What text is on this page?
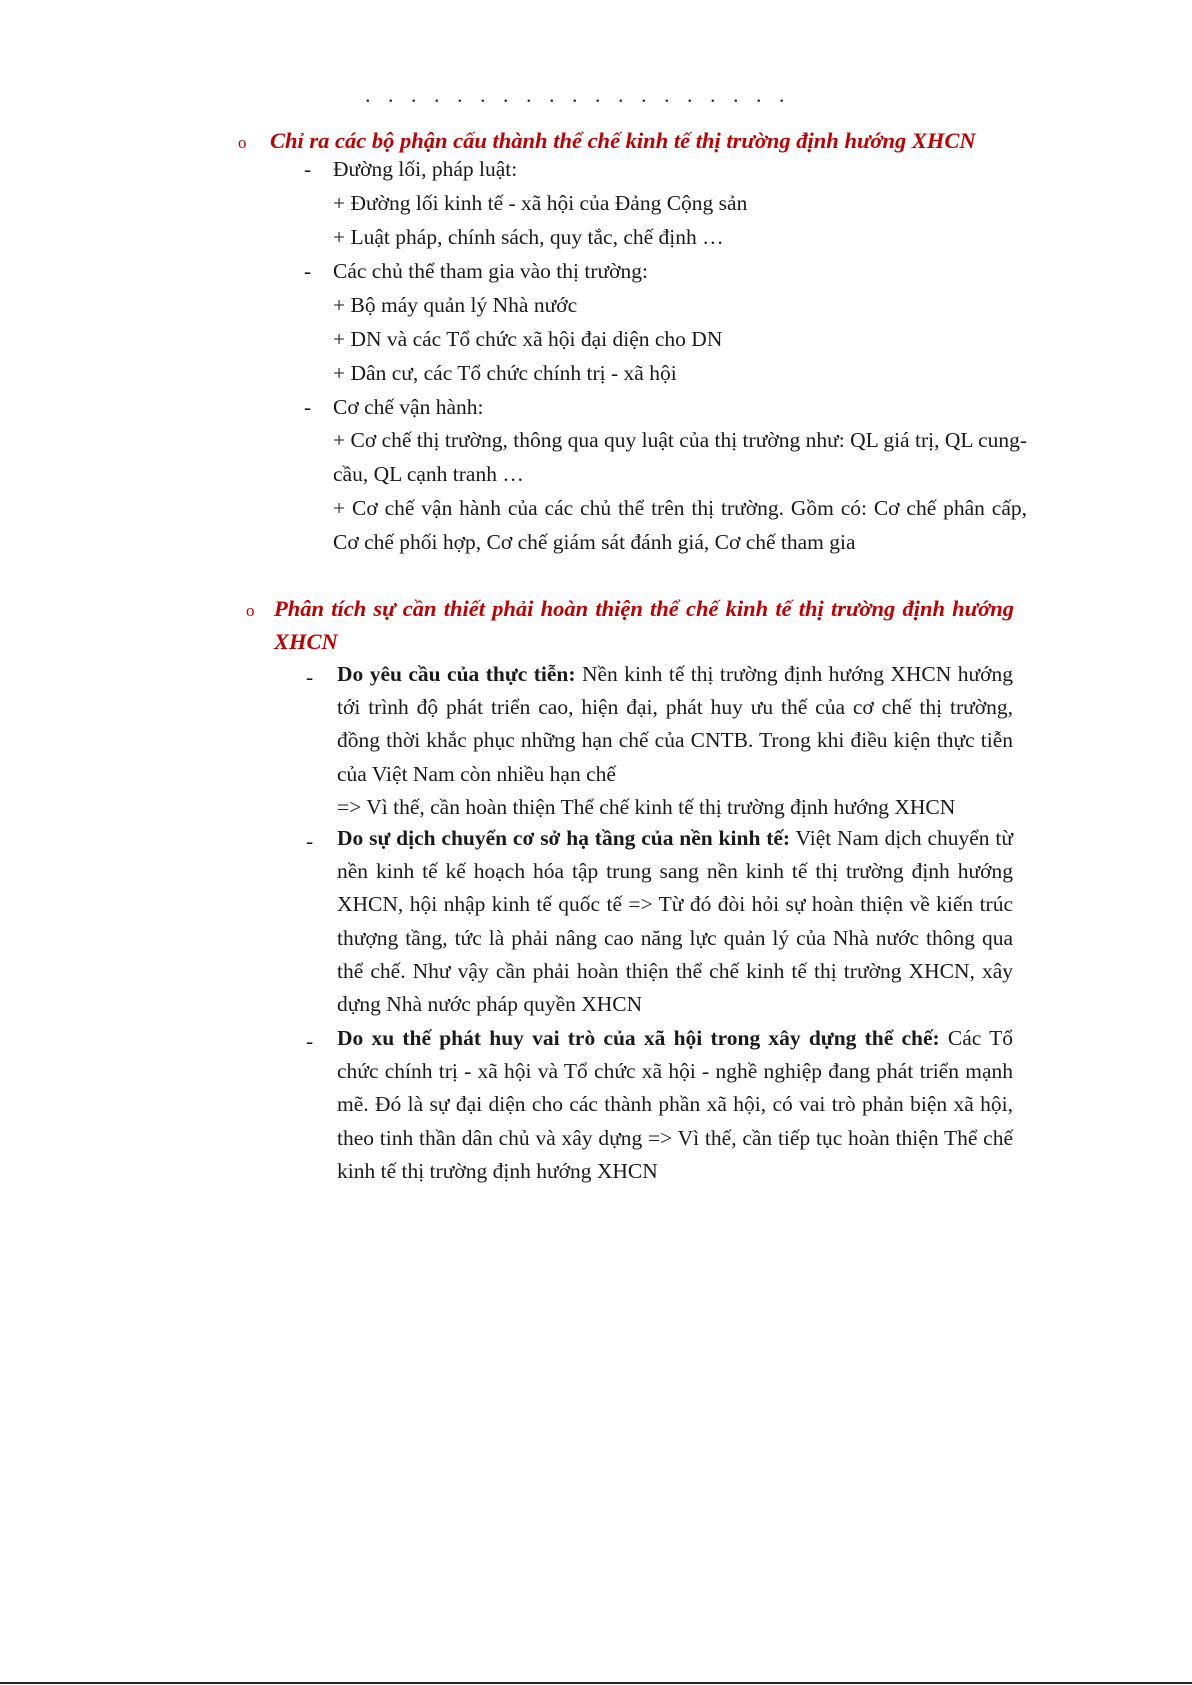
. . . . . . . . . . . . . . . . . . .
o Chỉ ra các bộ phận cấu thành thể chế kinh tế thị trường định hướng XHCN
- Đường lối, pháp luật:
+ Đường lối kinh tế - xã hội của Đảng Cộng sản
+ Luật pháp, chính sách, quy tắc, chế định …
- Các chủ thể tham gia vào thị trường:
+ Bộ máy quản lý Nhà nước
+ DN và các Tổ chức xã hội đại diện cho DN
+ Dân cư, các Tổ chức chính trị - xã hội
- Cơ chế vận hành:
+ Cơ chế thị trường, thông qua quy luật của thị trường như: QL giá trị, QL cung-cầu, QL cạnh tranh …
+ Cơ chế vận hành của các chủ thể trên thị trường. Gồm có: Cơ chế phân cấp, Cơ chế phối hợp, Cơ chế giám sát đánh giá, Cơ chế tham gia
o Phân tích sự cần thiết phải hoàn thiện thể chế kinh tế thị trường định hướng XHCN
- Do yêu cầu của thực tiễn: Nền kinh tế thị trường định hướng XHCN hướng tới trình độ phát triển cao, hiện đại, phát huy ưu thế của cơ chế thị trường, đồng thời khắc phục những hạn chế của CNTB. Trong khi điều kiện thực tiễn của Việt Nam còn nhiều hạn chế
=> Vì thế, cần hoàn thiện Thể chế kinh tế thị trường định hướng XHCN
- Do sự dịch chuyển cơ sở hạ tầng của nền kinh tế: Việt Nam dịch chuyển từ nền kinh tế kế hoạch hóa tập trung sang nền kinh tế thị trường định hướng XHCN, hội nhập kinh tế quốc tế => Từ đó đòi hỏi sự hoàn thiện về kiến trúc thượng tầng, tức là phải nâng cao năng lực quản lý của Nhà nước thông qua thể chế. Như vậy cần phải hoàn thiện thể chế kinh tế thị trường XHCN, xây dựng Nhà nước pháp quyền XHCN
- Do xu thế phát huy vai trò của xã hội trong xây dựng thể chế: Các Tổ chức chính trị - xã hội và Tổ chức xã hội - nghề nghiệp đang phát triển mạnh mẽ. Đó là sự đại diện cho các thành phần xã hội, có vai trò phản biện xã hội, theo tinh thần dân chủ và xây dựng => Vì thế, cần tiếp tục hoàn thiện Thể chế kinh tế thị trường định hướng XHCN
